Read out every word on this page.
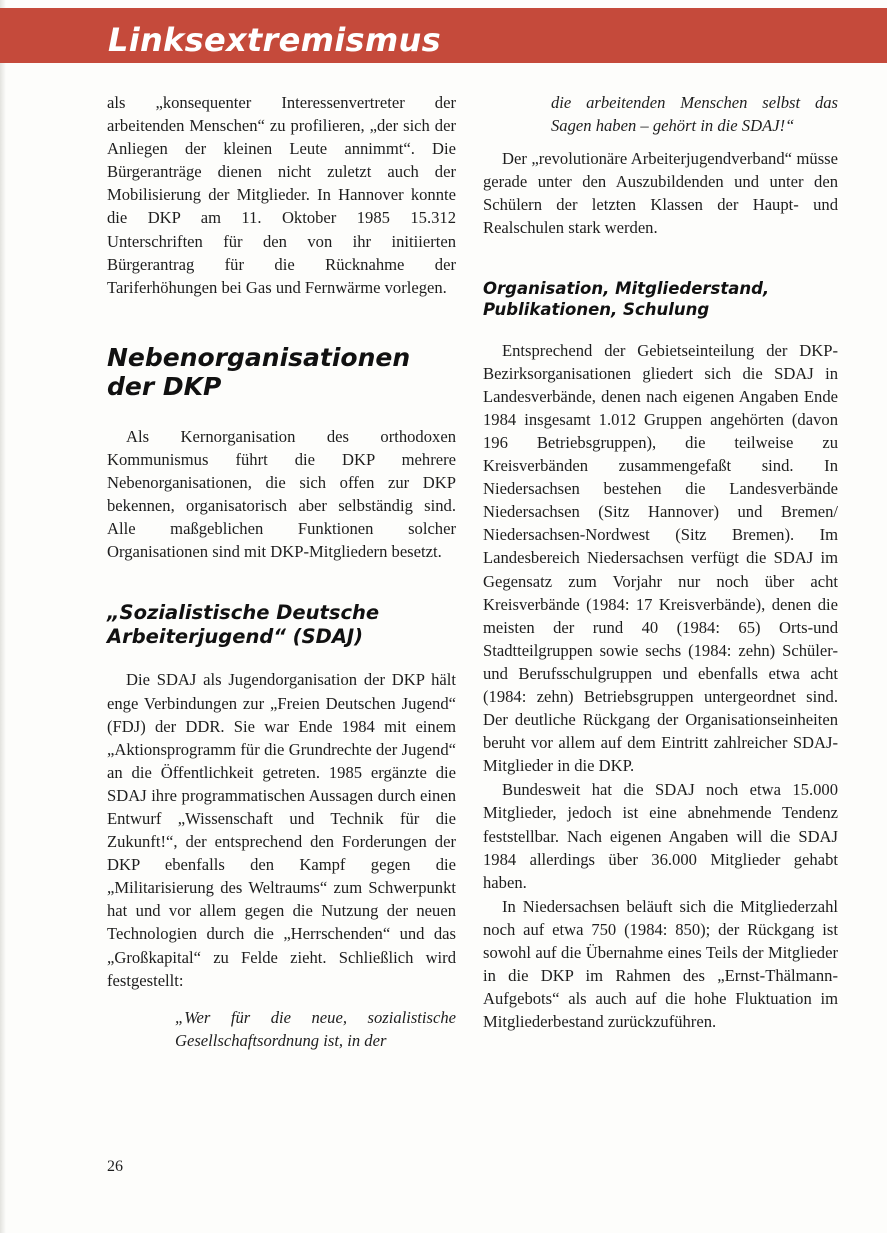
Linksextremismus

als „konsequenter Interessenvertreter der arbeitenden Menschen“ zu profilieren, „der sich der Anliegen der kleinen Leute annimmt“. Die Bürgeranträge dienen nicht zuletzt auch der Mobilisierung der Mitglieder. In Hannover konnte die DKP am 11. Oktober 1985 15.312 Unterschriften für den von ihr initiierten Bürgerantrag für die Rücknahme der Tariferhöhungen bei Gas und Fernwärme vorlegen.

Nebenorganisationen der DKP

Als Kernorganisation des orthodoxen Kommunismus führt die DKP mehrere Nebenorganisationen, die sich offen zur DKP bekennen, organisatorisch aber selbständig sind. Alle maßgeblichen Funktionen solcher Organisationen sind mit DKP-Mitgliedern besetzt.

„Sozialistische Deutsche Arbeiterjugend“ (SDAJ)

Die SDAJ als Jugendorganisation der DKP hält enge Verbindungen zur „Freien Deutschen Jugend“ (FDJ) der DDR. Sie war Ende 1984 mit einem „Aktionsprogramm für die Grundrechte der Jugend“ an die Öffentlichkeit getreten. 1985 ergänzte die SDAJ ihre programmatischen Aussagen durch einen Entwurf „Wissenschaft und Technik für die Zukunft!“, der entsprechend den Forderungen der DKP ebenfalls den Kampf gegen die „Militarisierung des Weltraums“ zum Schwerpunkt hat und vor allem gegen die Nutzung der neuen Technologien durch die „Herrschenden“ und das „Großkapital“ zu Felde zieht. Schließlich wird festgestellt:

„Wer für die neue, sozialistische Gesellschaftsordnung ist, in der

die arbeitenden Menschen selbst das Sagen haben – gehört in die SDAJ!“

Der „revolutionäre Arbeiterjugendverband“ müsse gerade unter den Auszubildenden und unter den Schülern der letzten Klassen der Haupt- und Realschulen stark werden.

Organisation, Mitgliederstand, Publikationen, Schulung

Entsprechend der Gebietseinteilung der DKP-Bezirksorganisationen gliedert sich die SDAJ in Landesverbände, denen nach eigenen Angaben Ende 1984 insgesamt 1.012 Gruppen angehörten (davon 196 Betriebsgruppen), die teilweise zu Kreisverbänden zusammengefaßt sind. In Niedersachsen bestehen die Landesverbände Niedersachsen (Sitz Hannover) und Bremen/ Niedersachsen-Nordwest (Sitz Bremen). Im Landesbereich Niedersachsen verfügt die SDAJ im Gegensatz zum Vorjahr nur noch über acht Kreisverbände (1984: 17 Kreisverbände), denen die meisten der rund 40 (1984: 65) Orts-und Stadtteilgruppen sowie sechs (1984: zehn) Schüler- und Berufsschulgruppen und ebenfalls etwa acht (1984: zehn) Betriebsgruppen untergeordnet sind. Der deutliche Rückgang der Organisationseinheiten beruht vor allem auf dem Eintritt zahlreicher SDAJ-Mitglieder in die DKP.

Bundesweit hat die SDAJ noch etwa 15.000 Mitglieder, jedoch ist eine abnehmende Tendenz feststellbar. Nach eigenen Angaben will die SDAJ 1984 allerdings über 36.000 Mitglieder gehabt haben.

In Niedersachsen beläuft sich die Mitgliederzahl noch auf etwa 750 (1984: 850); der Rückgang ist sowohl auf die Übernahme eines Teils der Mitglieder in die DKP im Rahmen des „Ernst-Thälmann-Aufgebots“ als auch auf die hohe Fluktuation im Mitgliederbestand zurückzuführen.

26
